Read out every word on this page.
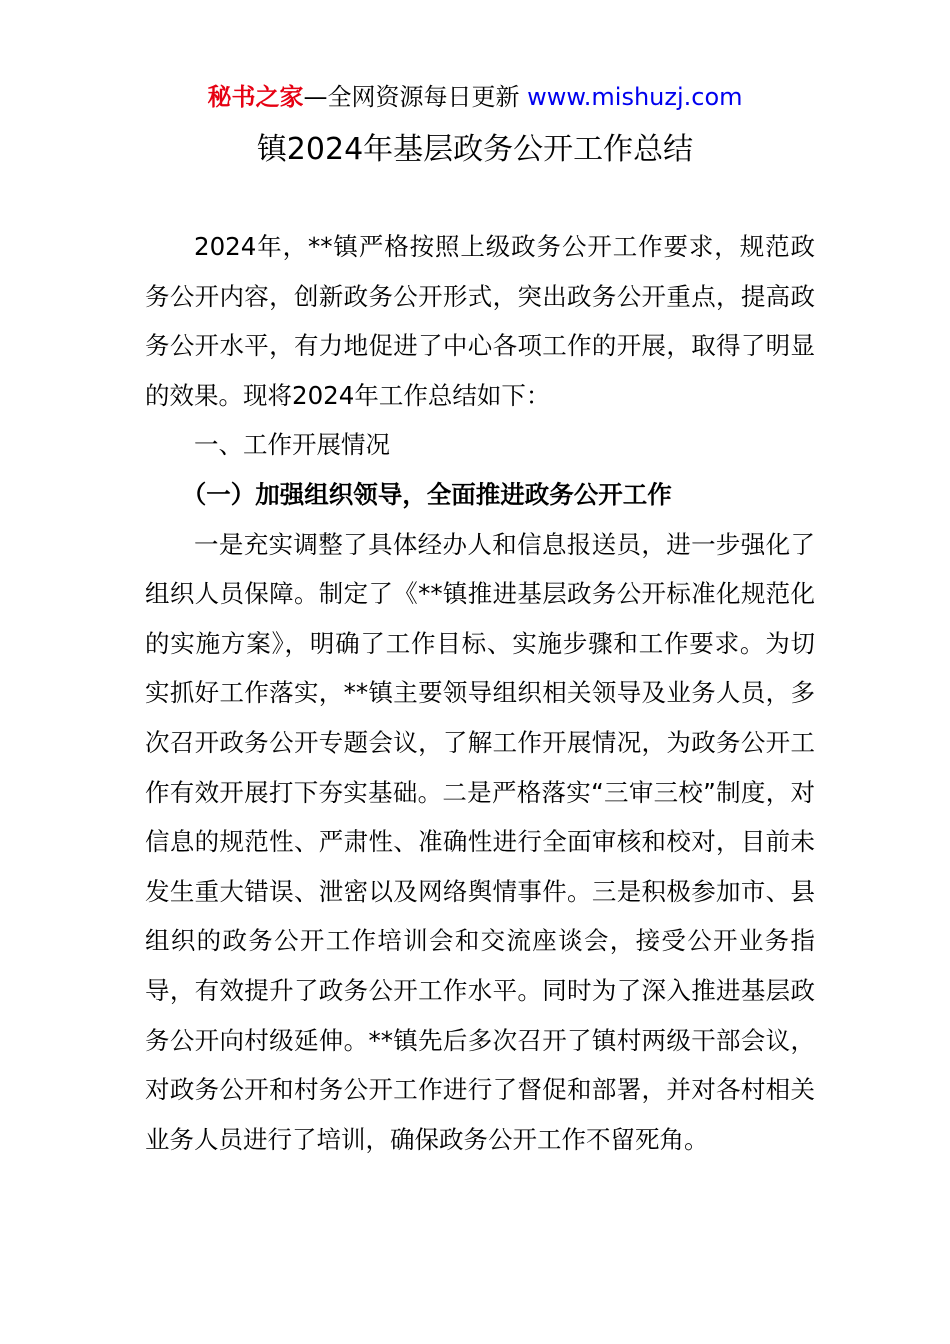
秘书之家—全网资源每日更新 www.mishuzj.com
镇2024年基层政务公开工作总结

2024年，**镇严格按照上级政务公开工作要求，规范政务公开内容，创新政务公开形式，突出政务公开重点，提高政务公开水平，有力地促进了中心各项工作的开展，取得了明显的效果。现将2024年工作总结如下：

一、工作开展情况

（一）加强组织领导，全面推进政务公开工作

一是充实调整了具体经办人和信息报送员，进一步强化了组织人员保障。制定了《**镇推进基层政务公开标准化规范化的实施方案》，明确了工作目标、实施步骤和工作要求。为切实抓好工作落实，**镇主要领导组织相关领导及业务人员，多次召开政务公开专题会议，了解工作开展情况，为政务公开工作有效开展打下夯实基础。二是严格落实“三审三校”制度，对信息的规范性、严肃性、准确性进行全面审核和校对，目前未发生重大错误、泄密以及网络舆情事件。三是积极参加市、县组织的政务公开工作培训会和交流座谈会，接受公开业务指导，有效提升了政务公开工作水平。同时为了深入推进基层政务公开向村级延伸。**镇先后多次召开了镇村两级干部会议，对政务公开和村务公开工作进行了督促和部署，并对各村相关业务人员进行了培训，确保政务公开工作不留死角。
